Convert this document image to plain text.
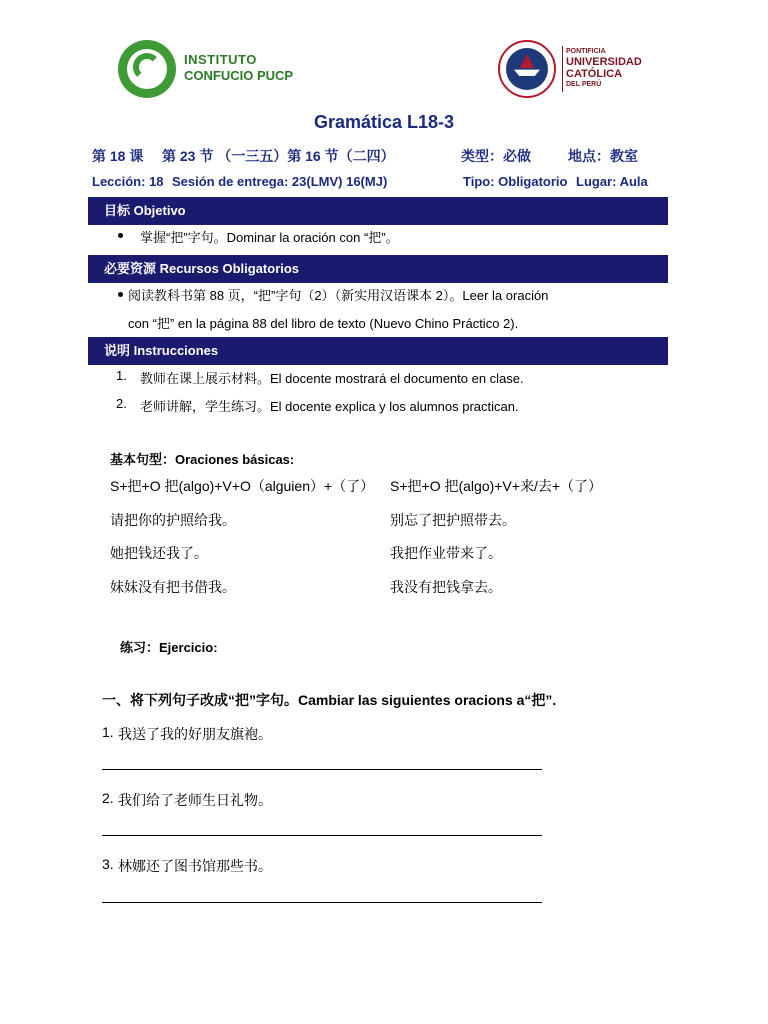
INSTITUTO
CONFUCIO PUCP
PONTIFICIA
UNIVERSIDAD
CATÓLICA
DEL PERÚ
Gramática L18-3
第 18 课 第 23 节 （一三五）第 16 节（二四）	类型：必做	地点：教室
Lección: 18 Sesión de entrega: 23(LMV) 16(MJ)	Tipo: Obligatorio Lugar: Aula
目标 Objetivo
掌握“把”字句。Dominar la oración con “把”。
必要资源 Recursos Obligatorios
阅读教科书第 88 页，“把”字句（2）（新实用汉语课本 2）。Leer la oración
con “把” en la página 88 del libro de texto (Nuevo Chino Práctico 2).
说明 Instrucciones
1. 教师在课上展示材料。El docente mostrará el documento en clase.
2. 老师讲解，学生练习。El docente explica y los alumnos practican.
基本句型：Oraciones básicas:
S+把+O 把(algo)+V+O（alguien）+（了） S+把+O 把(algo)+V+来/去+（了）
请把你的护照给我。	别忘了把护照带去。
她把钱还我了。	我把作业带来了。
妹妹没有把书借我。	我没有把钱拿去。
练习：Ejercicio:
一、将下列句子改成“把”字句。Cambiar las siguientes oracions a“把”.
1. 我送了我的好朋友旗袍。
2. 我们给了老师生日礼物。
3. 林娜还了图书馆那些书。
